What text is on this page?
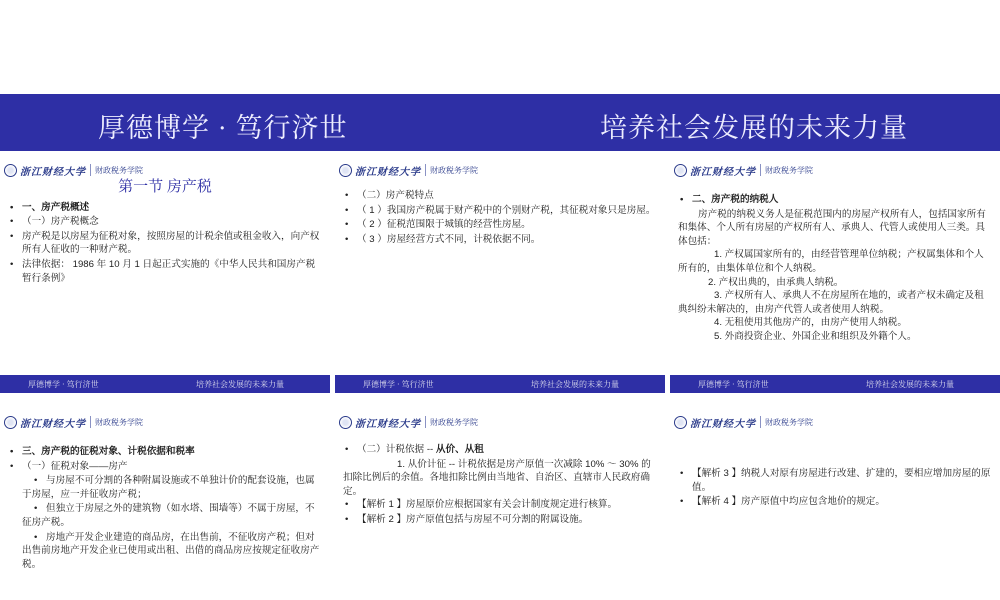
厚德博学 · 笃行济世	培养社会发展的未来力量
浙江财经大学 财政税务学院

第一节 房产税

• 一、房产税概述
• （一）房产税概念
• 房产税是以房屋为征税对象，按照房屋的计税余值或租金收入，向产权所有人征收的一种财产税。
• 法律依据： 1986 年 10 月 1 日起正式实施的《中华人民共和国房产税暂行条例》
厚德博学 · 笃行济世	培养社会发展的未来力量
浙江财经大学 财政税务学院
• （二）房产税特点
• （ 1 ）我国房产税属于财产税中的个别财产税，其征税对象只是房屋。
• （ 2 ）征税范围限于城镇的经营性房屋。
• （ 3 ）房屋经营方式不同，计税依据不同。
厚德博学 · 笃行济世	培养社会发展的未来力量
浙江财经大学 财政税务学院
• 二、房产税的纳税人

房产税的纳税义务人是征税范围内的房屋产权所有人，包括国家所有和集体、个人所有房屋的产权所有人、承典人、代管人或使用人三类。具体包括：

1. 产权属国家所有的，由经营管理单位纳税；产权属集体和个人所有的，由集体单位和个人纳税。

2. 产权出典的，由承典人纳税。

3. 产权所有人、承典人不在房屋所在地的，或者产权未确定及租典纠纷未解决的，由房产代管人或者使用人纳税。

4. 无租使用其他房产的，由房产使用人纳税。

5. 外商投资企业、外国企业和组织及外籍个人。

厚德博学 · 笃行济世	培养社会发展的未来力量
浙江财经大学 财政税务学院
• 三、房产税的征税对象、计税依据和税率
• （一）征税对象——房产
• 与房屋不可分割的各种附属设施或不单独计价的配套设施，也属于房屋，应一并征收房产税；
• 但独立于房屋之外的建筑物（如水塔、围墙等）不属于房屋，不征房产税。
• 房地产开发企业建造的商品房，在出售前，不征收房产税；但对出售前房地产开发企业已使用或出租、出借的商品房应按规定征收房产税。
浙江财经大学 财政税务学院
• （二）计税依据 -- 从价、从租

1. 从价计征 -- 计税依据是房产原值一次减除 10% ～ 30% 的扣除比例后的余值。各地扣除比例由当地省、自治区、直辖市人民政府确定。

• 【解析 1 】房屋原价应根据国家有关会计制度规定进行核算。
• 【解析 2 】房产原值包括与房屋不可分割的附属设施。
浙江财经大学 财政税务学院
• 【解析 3 】纳税人对原有房屋进行改建、扩建的，要相应增加房屋的原值。
• 【解析 4 】房产原值中均应包含地价的规定。
